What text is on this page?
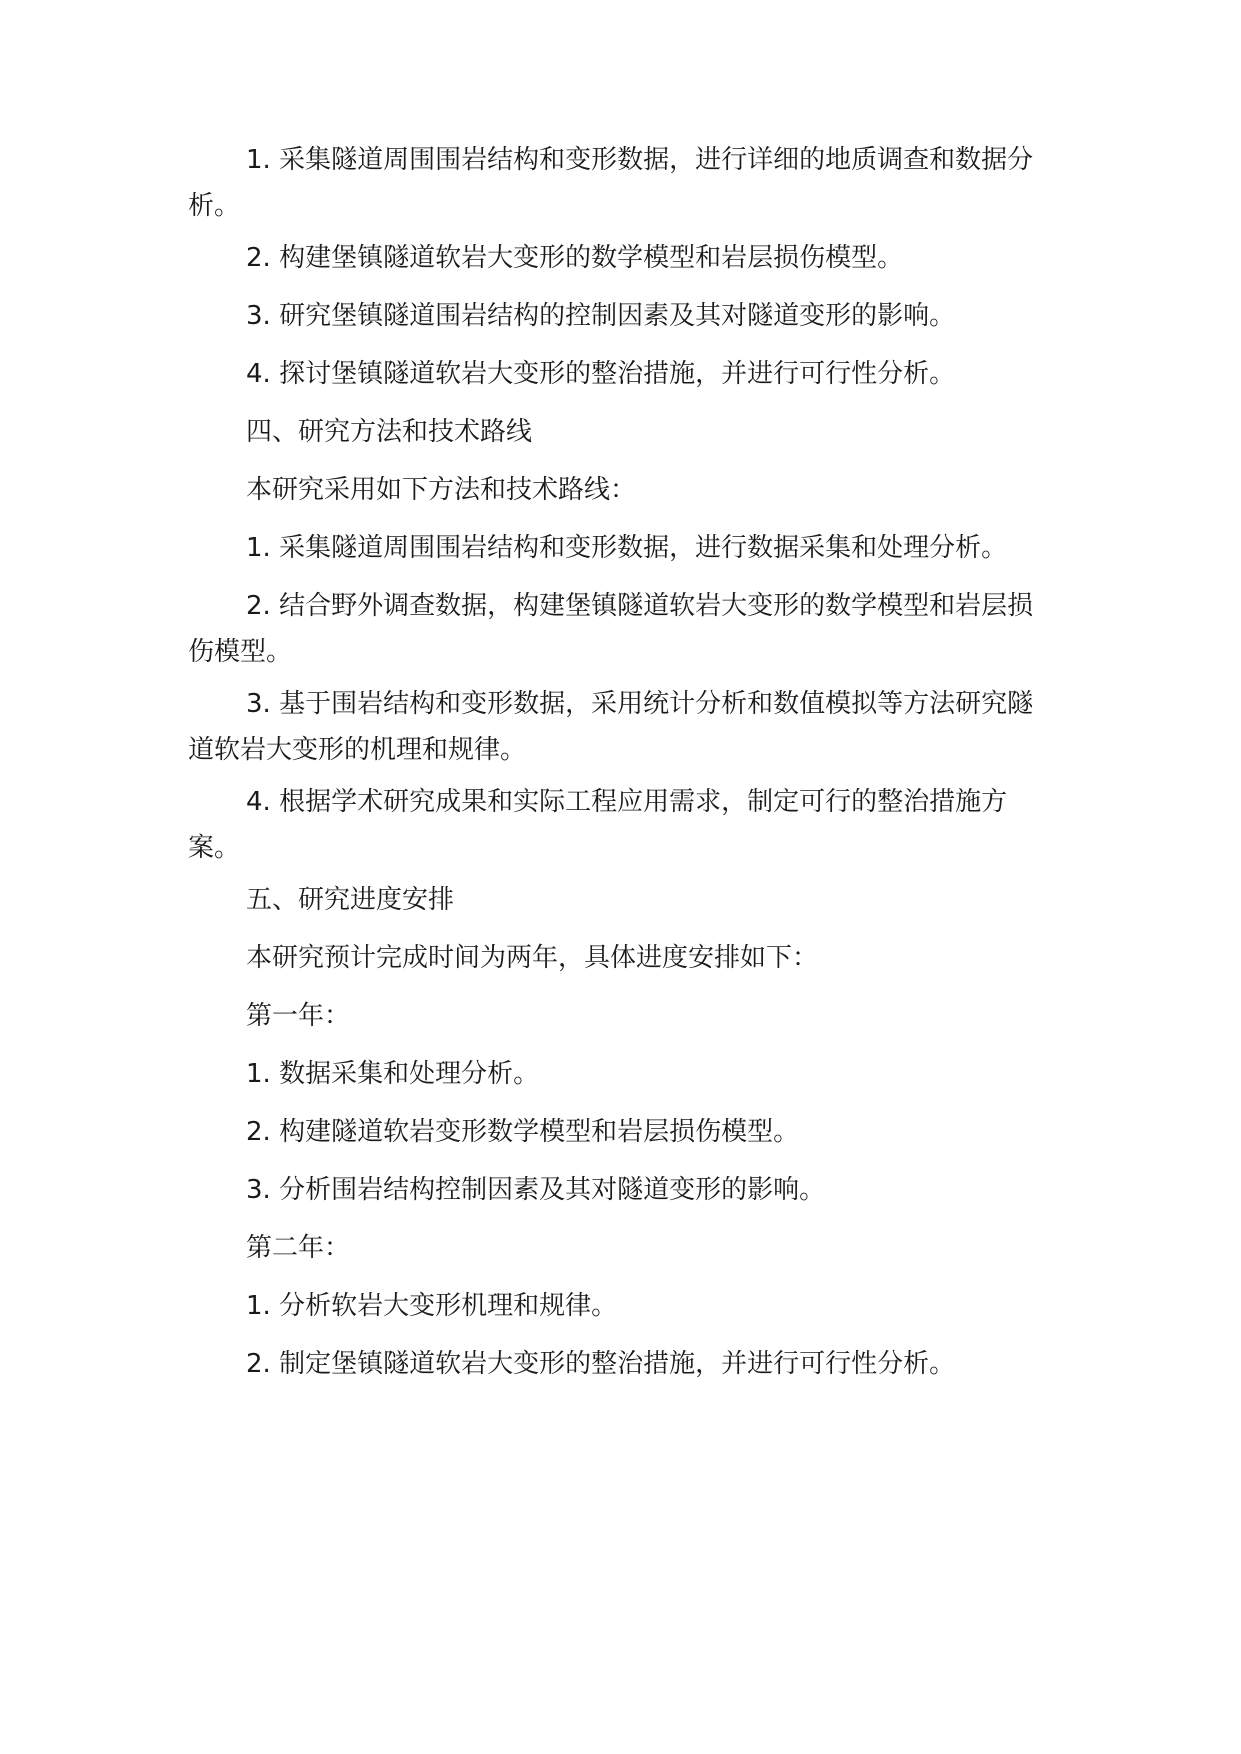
1. 采集隧道周围围岩结构和变形数据，进行详细的地质调查和数据分析。

2. 构建堡镇隧道软岩大变形的数学模型和岩层损伤模型。

3. 研究堡镇隧道围岩结构的控制因素及其对隧道变形的影响。

4. 探讨堡镇隧道软岩大变形的整治措施，并进行可行性分析。

四、研究方法和技术路线

本研究采用如下方法和技术路线：

1. 采集隧道周围围岩结构和变形数据，进行数据采集和处理分析。

2. 结合野外调查数据，构建堡镇隧道软岩大变形的数学模型和岩层损伤模型。

3. 基于围岩结构和变形数据，采用统计分析和数值模拟等方法研究隧道软岩大变形的机理和规律。

4. 根据学术研究成果和实际工程应用需求，制定可行的整治措施方案。

五、研究进度安排

本研究预计完成时间为两年，具体进度安排如下：

第一年：

1. 数据采集和处理分析。

2. 构建隧道软岩变形数学模型和岩层损伤模型。

3. 分析围岩结构控制因素及其对隧道变形的影响。

第二年：

1. 分析软岩大变形机理和规律。

2. 制定堡镇隧道软岩大变形的整治措施，并进行可行性分析。
